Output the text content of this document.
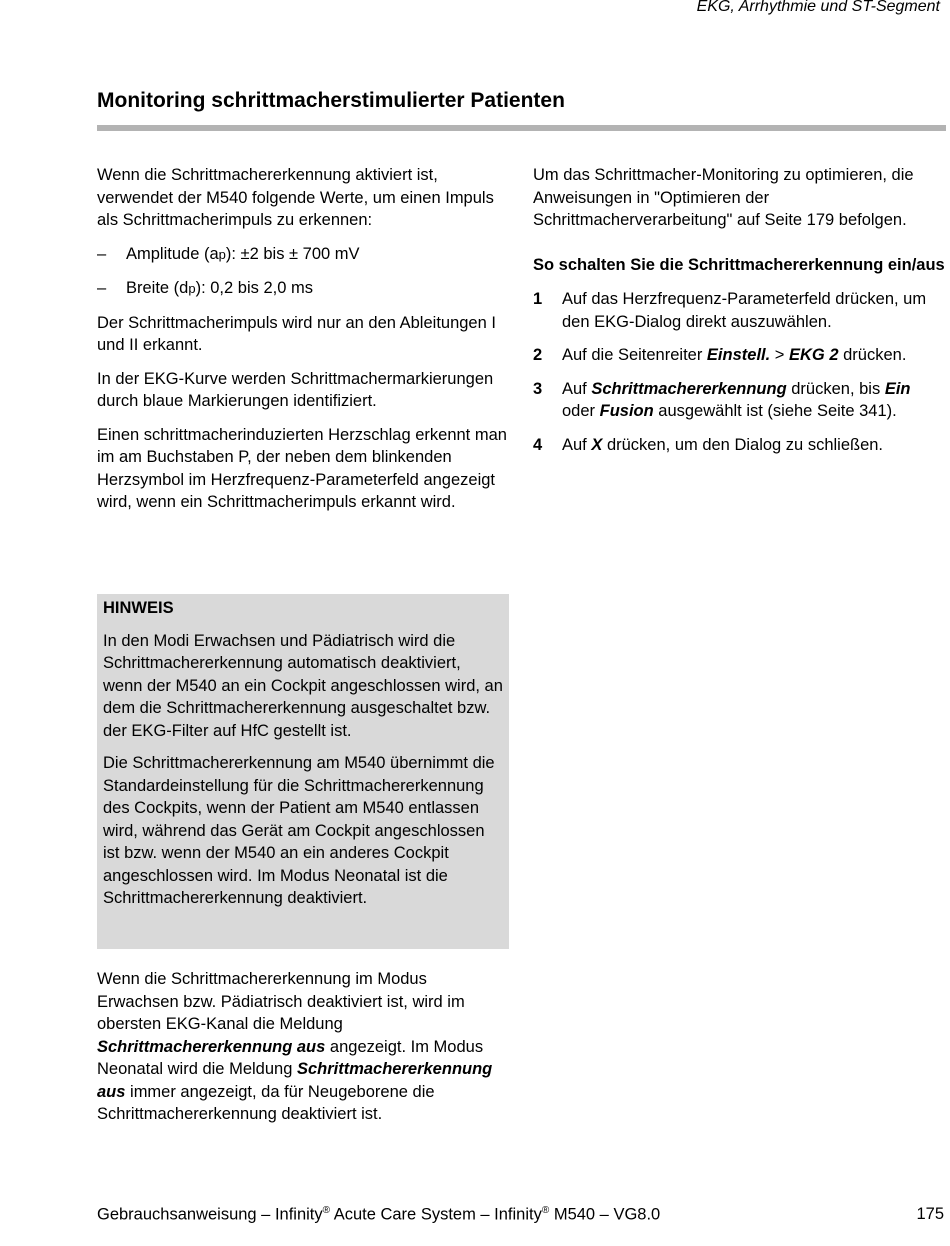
EKG, Arrhythmie und ST-Segment
Monitoring schrittmacherstimulierter Patienten

Wenn die Schrittmachererkennung aktiviert ist, verwendet der M540 folgende Werte, um einen Impuls als Schrittmacherimpuls zu erkennen:

– Amplitude (ap): ±2 bis ± 700 mV
– Breite (dp): 0,2 bis 2,0 ms

Der Schrittmacherimpuls wird nur an den Ableitungen I und II erkannt.

In der EKG-Kurve werden Schrittmachermarkierungen durch blaue Markierungen identifiziert.

Einen schrittmacherinduzierten Herzschlag erkennt man im am Buchstaben P, der neben dem blinkenden Herzsymbol im Herzfrequenz-Parameterfeld angezeigt wird, wenn ein Schrittmacherimpuls erkannt wird.

HINWEIS

In den Modi Erwachsen und Pädiatrisch wird die Schrittmachererkennung automatisch deaktiviert, wenn der M540 an ein Cockpit angeschlossen wird, an dem die Schrittmachererkennung ausgeschaltet bzw. der EKG-Filter auf HfC gestellt ist.

Die Schrittmachererkennung am M540 übernimmt die Standardeinstellung für die Schrittmachererkennung des Cockpits, wenn der Patient am M540 entlassen wird, während das Gerät am Cockpit angeschlossen ist bzw. wenn der M540 an ein anderes Cockpit angeschlossen wird. Im Modus Neonatal ist die Schrittmachererkennung deaktiviert.

Wenn die Schrittmachererkennung im Modus Erwachsen bzw. Pädiatrisch deaktiviert ist, wird im obersten EKG-Kanal die Meldung Schrittmachererkennung aus angezeigt. Im Modus Neonatal wird die Meldung Schrittmachererkennung aus immer angezeigt, da für Neugeborene die Schrittmachererkennung deaktiviert ist.

Um das Schrittmacher-Monitoring zu optimieren, die Anweisungen in "Optimieren der Schrittmacherverarbeitung" auf Seite 179 befolgen.

So schalten Sie die Schrittmachererkennung ein/aus

1 Auf das Herzfrequenz-Parameterfeld drücken, um den EKG-Dialog direkt auszuwählen.
2 Auf die Seitenreiter Einstell. > EKG 2 drücken.
3 Auf Schrittmachererkennung drücken, bis Ein oder Fusion ausgewählt ist (siehe Seite 341).
4 Auf X drücken, um den Dialog zu schließen.
Gebrauchsanweisung – Infinity® Acute Care System – Infinity® M540 – VG8.0	175
